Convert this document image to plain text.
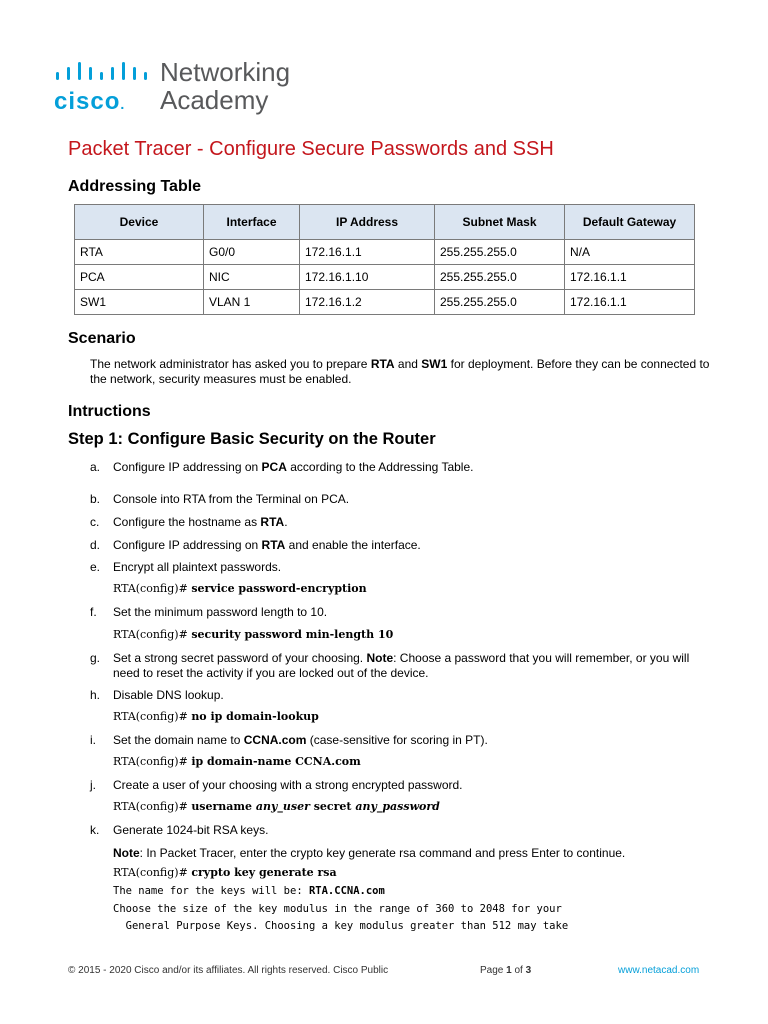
cisco.
Networking
Academy
Packet Tracer - Configure Secure Passwords and SSH
Addressing Table
Device	Interface	IP Address	Subnet Mask	Default Gateway
RTA	G0/0	172.16.1.1	255.255.255.0	N/A
PCA	NIC	172.16.1.10	255.255.255.0	172.16.1.1
SW1	VLAN 1	172.16.1.2	255.255.255.0	172.16.1.1
Scenario
The network administrator has asked you to prepare RTA and SW1 for deployment. Before they can be connected to the network, security measures must be enabled.
Intructions
Step 1: Configure Basic Security on the Router
a. Configure IP addressing on PCA according to the Addressing Table.
b. Console into RTA from the Terminal on PCA.
c. Configure the hostname as RTA.
d. Configure IP addressing on RTA and enable the interface.
e. Encrypt all plaintext passwords.
RTA(config)# service password-encryption
f. Set the minimum password length to 10.
RTA(config)# security password min-length 10
g. Set a strong secret password of your choosing. Note: Choose a password that you will remember, or you will need to reset the activity if you are locked out of the device.
h. Disable DNS lookup.
RTA(config)# no ip domain-lookup
i. Set the domain name to CCNA.com (case-sensitive for scoring in PT).
RTA(config)# ip domain-name CCNA.com
j. Create a user of your choosing with a strong encrypted password.
RTA(config)# username any_user secret any_password
k. Generate 1024-bit RSA keys.
Note: In Packet Tracer, enter the crypto key generate rsa command and press Enter to continue.
RTA(config)# crypto key generate rsa
The name for the keys will be: RTA.CCNA.com
Choose the size of the key modulus in the range of 360 to 2048 for your
General Purpose Keys. Choosing a key modulus greater than 512 may take
© 2015 - 2020 Cisco and/or its affiliates. All rights reserved. Cisco Public	Page 1 of 3	www.netacad.com
